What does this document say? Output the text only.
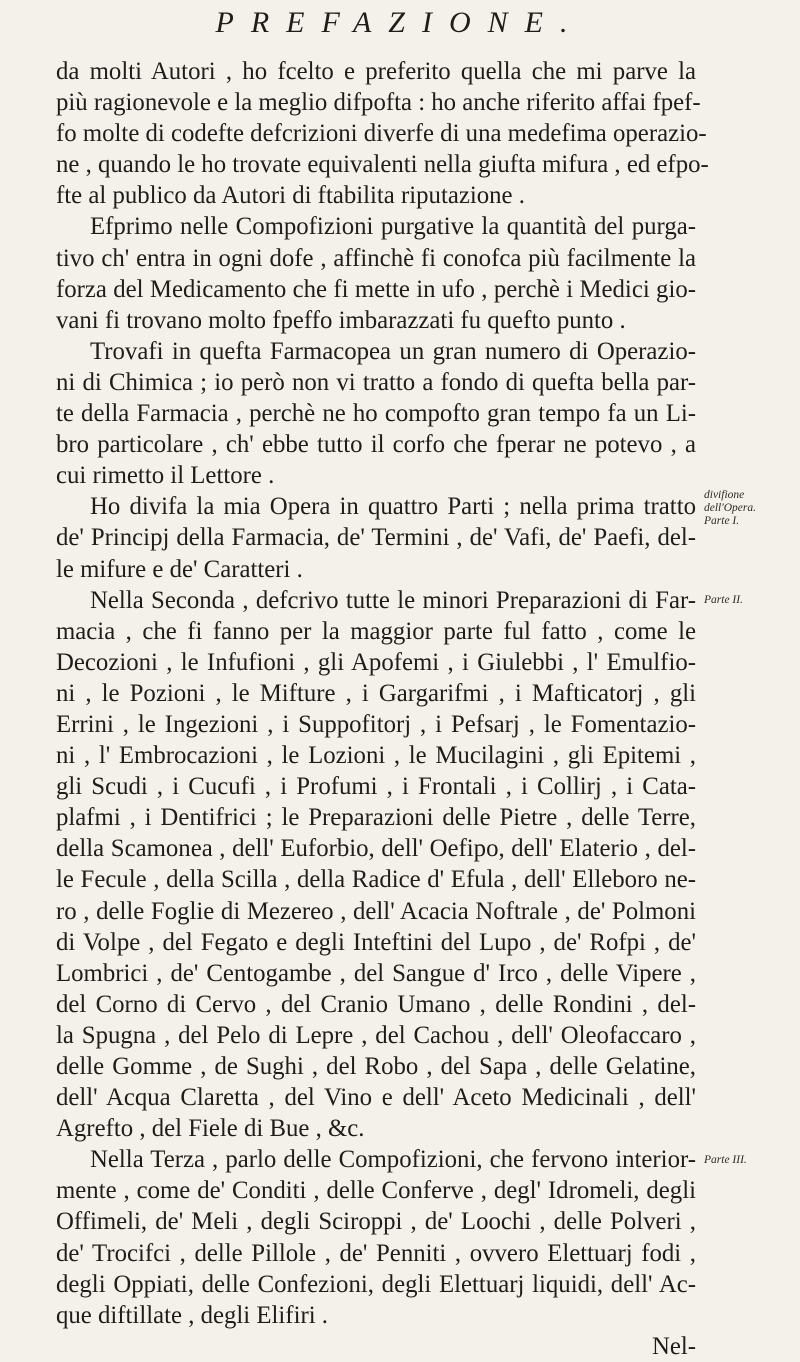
PREFAZIONE.
da molti Autori , ho fcelto e preferito quella che mi parve la
più ragionevole e la meglio difpofta : ho anche riferito affai fpef-
fo molte di codefte defcrizioni diverfe di una medefima operazio-
ne , quando le ho trovate equivalenti nella giufta mifura , ed efpo-
fte al publico da Autori di ftabilita riputazione .
Efprimo nelle Compofizioni purgative la quantità del purga-
tivo ch' entra in ogni dofe , affinchè fi conofca più facilmente la
forza del Medicamento che fi mette in ufo , perchè i Medici gio-
vani fi trovano molto fpeffo imbarazzati fu quefto punto .
Trovafi in quefta Farmacopea un gran numero di Operazio-
ni di Chimica ; io però non vi tratto a fondo di quefta bella par-
te della Farmacia , perchè ne ho compofto gran tempo fa un Li-
bro particolare , ch' ebbe tutto il corfo che fperar ne potevo , a
cui rimetto il Lettore .
Ho divifa la mia Opera in quattro Parti ; nella prima tratto
de' Principj della Farmacia, de' Termini , de' Vafi, de' Paefi, del-
le mifure e de' Caratteri .
Nella Seconda , defcrivo tutte le minori Preparazioni di Far-
macia , che fi fanno per la maggior parte ful fatto , come le
Decozioni , le Infufioni , gli Apofemi , i Giulebbi , l' Emulfio-
ni , le Pozioni , le Mifture , i Gargarifmi , i Mafticatorj , gli
Errini , le Ingezioni , i Suppofitorj , i Pefsarj , le Fomentazio-
ni , l' Embrocazioni , le Lozioni , le Mucilagini , gli Epitemi ,
gli Scudi , i Cucufi , i Profumi , i Frontali , i Collirj , i Cata-
plafmi , i Dentifrici ; le Preparazioni delle Pietre , delle Terre,
della Scamonea , dell' Euforbio, dell' Oefipo, dell' Elaterio , del-
le Fecule , della Scilla , della Radice d' Efula , dell' Elleboro ne-
ro , delle Foglie di Mezereo , dell' Acacia Noftrale , de' Polmoni
di Volpe , del Fegato e degli Inteftini del Lupo , de' Rofpi , de'
Lombrici , de' Centogambe , del Sangue d' Irco , delle Vipere ,
del Corno di Cervo , del Cranio Umano , delle Rondini , del-
la Spugna , del Pelo di Lepre , del Cachou , dell' Oleofaccaro ,
delle Gomme , de Sughi , del Robo , del Sapa , delle Gelatine,
dell' Acqua Claretta , del Vino e dell' Aceto Medicinali , dell'
Agrefto , del Fiele di Bue , &c.
Nella Terza , parlo delle Compofizioni, che fervono interior-
mente , come de' Conditi , delle Conferve , degl' Idromeli, degli
Offimeli, de' Meli , degli Sciroppi , de' Loochi , delle Polveri ,
de' Trocifci , delle Pillole , de' Penniti , ovvero Elettuarj fodi ,
degli Oppiati, delle Confezioni, degli Elettuarj liquidi, dell' Ac-
que diftillate , degli Elifiri .
Nel-
divifione
dell'Opera.
Parte I.
Parte II.
Parte III.
